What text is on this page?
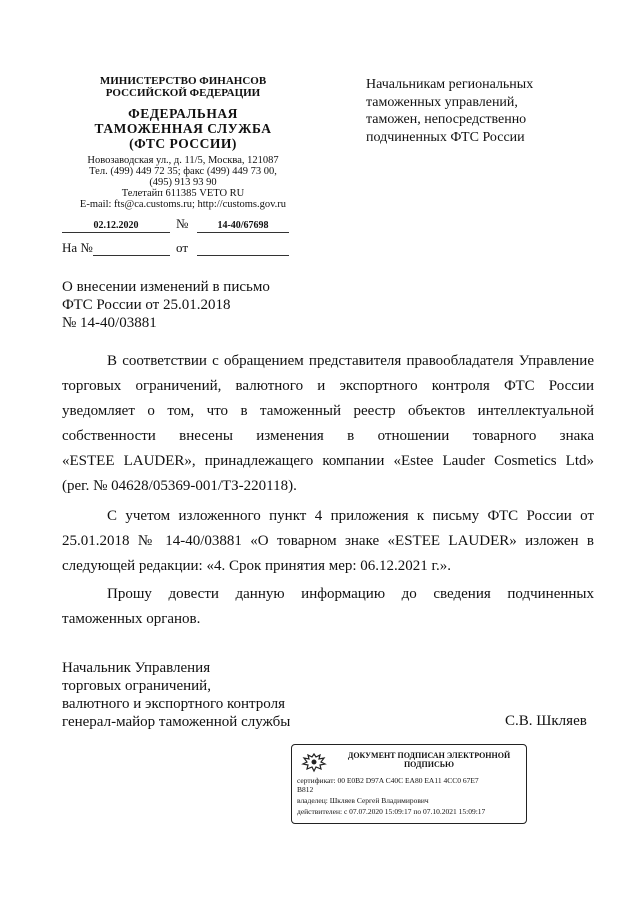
МИНИСТЕРСТВО ФИНАНСОВ
РОССИЙСКОЙ ФЕДЕРАЦИИ
ФЕДЕРАЛЬНАЯ
ТАМОЖЕННАЯ СЛУЖБА
(ФТС РОССИИ)
Новозаводская ул., д. 11/5, Москва, 121087
Тел. (499) 449 72 35; факс (499) 449 73 00,
(495) 913 93 90
Телетайп 611385 VETO RU
E-mail: fts@ca.customs.ru; http://customs.gov.ru
02.12.2020	№	14-40/67698
На №	от
Начальникам региональных
таможенных управлений,
таможен, непосредственно
подчиненных ФТС России
О внесении изменений в письмо
ФТС России от 25.01.2018
№ 14-40/03881
В соответствии с обращением представителя правообладателя Управление
торговых ограничений, валютного и экспортного контроля ФТС России
уведомляет о том, что в таможенный реестр объектов интеллектуальной
собственности внесены изменения в отношении товарного знака
«ESTEE LAUDER», принадлежащего компании «Estee Lauder Cosmetics Ltd»
(рег. № 04628/05369-001/ТЗ-220118).
С учетом изложенного пункт 4 приложения к письму ФТС России от 25.01.2018 № 14-40/03881 «О товарном знаке «ESTEE LAUDER» изложен в следующей редакции: «4. Срок принятия мер: 06.12.2021 г.».
Прошу довести данную информацию до сведения подчиненных таможенных органов.
Начальник Управления
торговых ограничений,
валютного и экспортного контроля
генерал-майор таможенной службы	С.В. Шкляев
ДОКУМЕНТ ПОДПИСАН ЭЛЕКТРОННОЙ
ПОДПИСЬЮ
сертификат: 00 E0B2 D97A C40C EA80 EA11 4CC0 67E7
B812
владелец: Шкляев Сергей Владимирович
действителен: с 07.07.2020 15:09:17 по 07.10.2021 15:09:17
